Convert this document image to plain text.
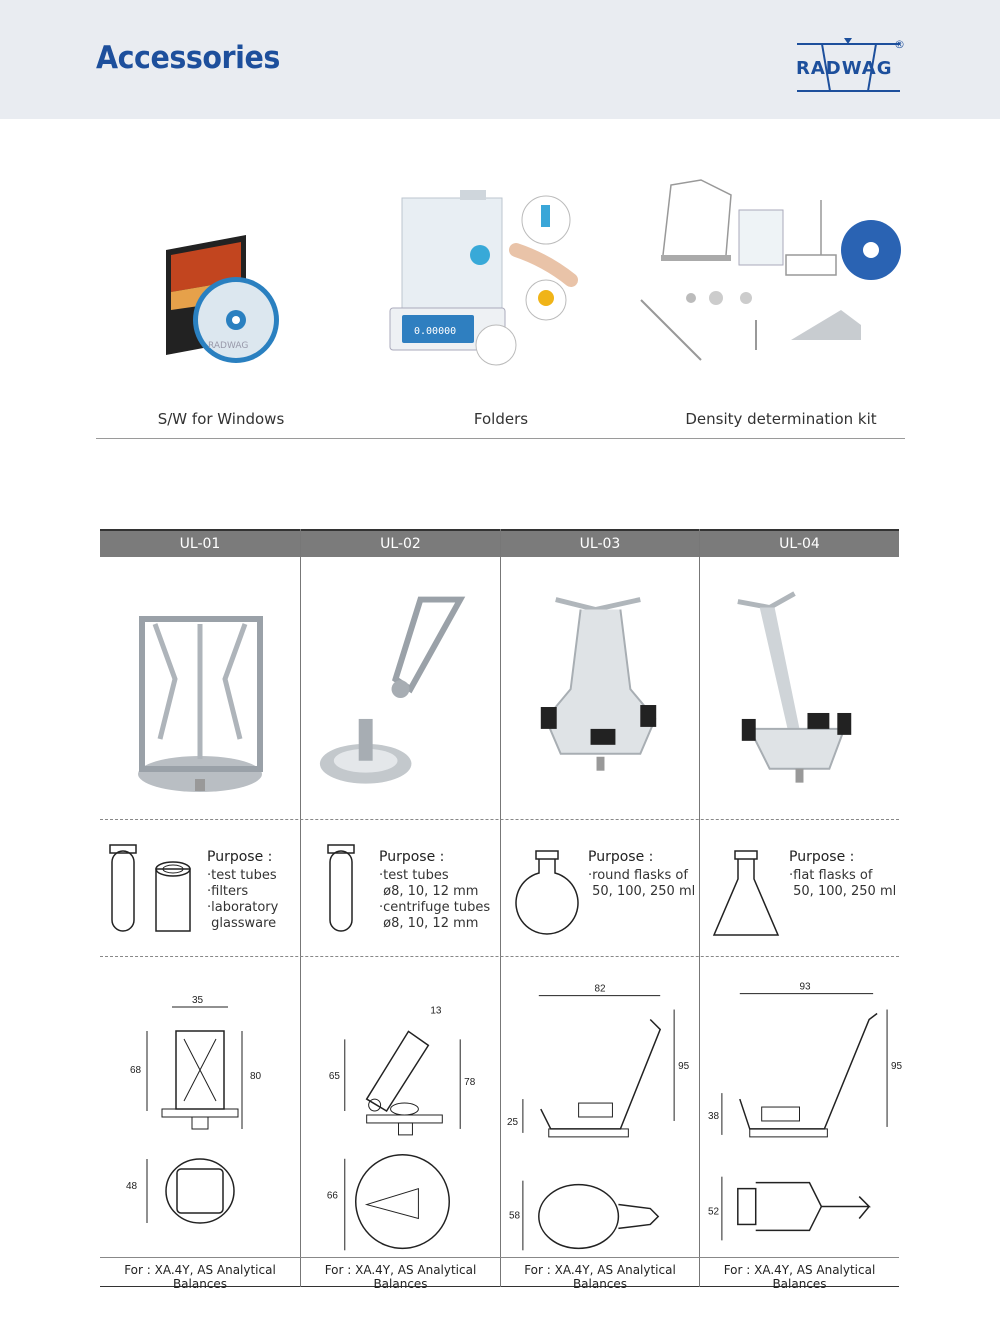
Accessories	RADWAG
®
RADWAG
S/W for Windows
0.00000
Folders	Density determination kit
UL-01
Purpose :
·test tubes
·filters
·laboratory
glassware
35
68
80
48
For : XA.4Y, AS Analytical Balances
UL-02
Purpose :
·test tubes
ø8, 10, 12 mm
·centrifuge tubes
ø8, 10, 12 mm
13
65
78
66
For : XA.4Y, AS Analytical Balances
UL-03
Purpose :
·round flasks of
50, 100, 250 ml
82
95
25
58
For : XA.4Y, AS Analytical Balances
UL-04
Purpose :
·flat flasks of
50, 100, 250 ml
93
95
38
52
For : XA.4Y, AS Analytical Balances
